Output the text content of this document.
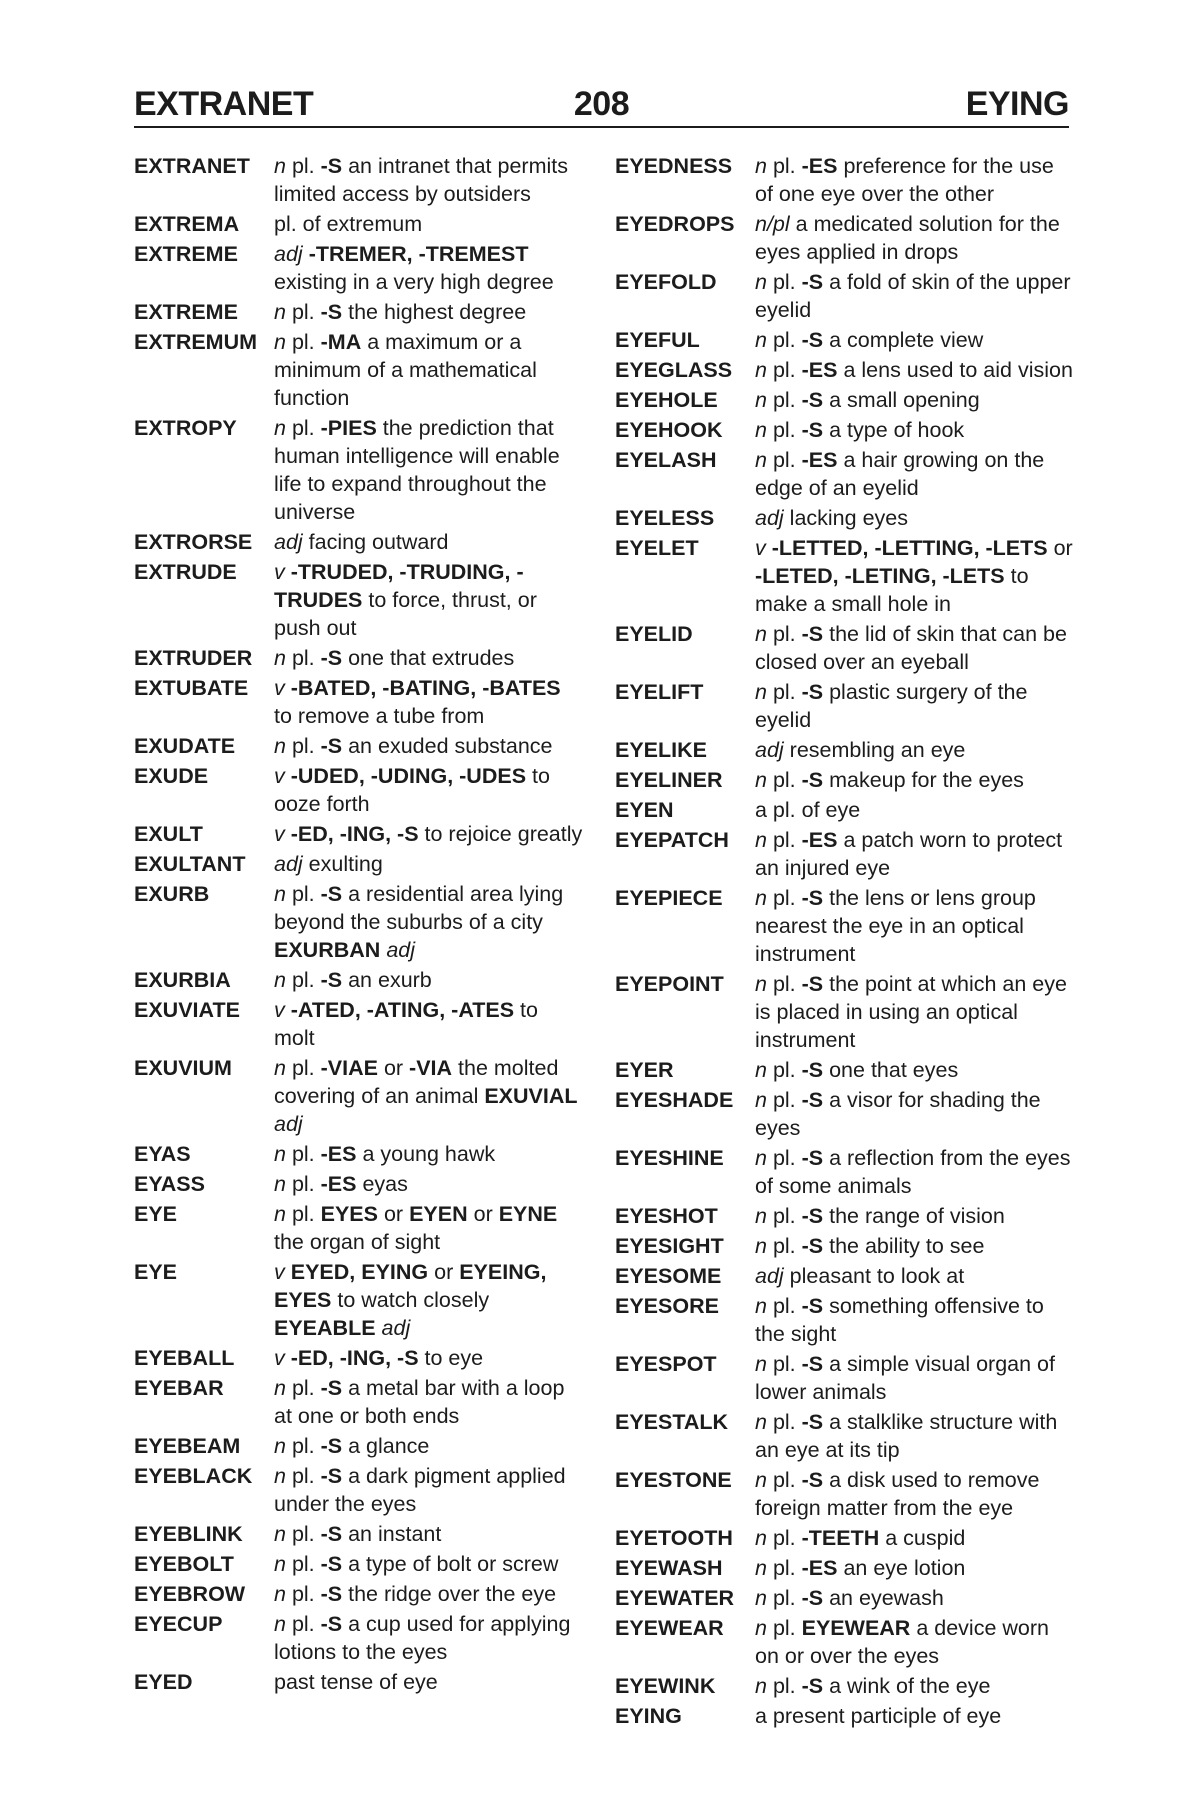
EXTRANET	208	EYING
EXTRANET n pl. -S an intranet that permits limited access by outsiders
EXTREMA pl. of extremum
EXTREME adj -TREMER, -TREMEST existing in a very high degree
EXTREME n pl. -S the highest degree
EXTREMUM n pl. -MA a maximum or a minimum of a mathematical function
EXTROPY n pl. -PIES the prediction that human intelligence will enable life to expand throughout the universe
EXTRORSE adj facing outward
EXTRUDE v -TRUDED, -TRUDING, -TRUDES to force, thrust, or push out
EXTRUDER n pl. -S one that extrudes
EXTUBATE v -BATED, -BATING, -BATES to remove a tube from
EXUDATE n pl. -S an exuded substance
EXUDE	v -UDED, -UDING, -UDES to ooze forth
EXULT	v -ED, -ING, -S to rejoice greatly
EXULTANT adj exulting
EXURB	n pl. -S a residential area lying beyond the suburbs of a city EXURBAN adj
EXURBIA n pl. -S an exurb
EXUVIATE v -ATED, -ATING, -ATES to molt
EXUVIUM n pl. -VIAE or -VIA the molted covering of an animal EXUVIAL adj
EYAS	n pl. -ES a young hawk
EYASS	n pl. -ES eyas
EYE	n pl. EYES or EYEN or EYNE the organ of sight
EYE	v EYED, EYING or EYEING, EYES to watch closely EYEABLE adj
EYEBALL v -ED, -ING, -S to eye
EYEBAR n pl. -S a metal bar with a loop at one or both ends
EYEBEAM n pl. -S a glance
EYEBLACK n pl. -S a dark pigment applied under the eyes
EYEBLINK n pl. -S an instant
EYEBOLT n pl. -S a type of bolt or screw
EYEBROW n pl. -S the ridge over the eye
EYECUP n pl. -S a cup used for applying lotions to the eyes
EYED	past tense of eye
EYEDNESS n pl. -ES preference for the use of one eye over the other
EYEDROPS n/pl a medicated solution for the eyes applied in drops
EYEFOLD n pl. -S a fold of skin of the upper eyelid
EYEFUL	n pl. -S a complete view
EYEGLASS n pl. -ES a lens used to aid vision
EYEHOLE n pl. -S a small opening
EYEHOOK n pl. -S a type of hook
EYELASH n pl. -ES a hair growing on the edge of an eyelid
EYELESS adj lacking eyes
EYELET	v -LETTED, -LETTING, -LETS or -LETED, -LETING, -LETS to make a small hole in
EYELID	n pl. -S the lid of skin that can be closed over an eyeball
EYELIFT n pl. -S plastic surgery of the eyelid
EYELIKE adj resembling an eye
EYELINER n pl. -S makeup for the eyes
EYEN	a pl. of eye
EYEPATCH n pl. -ES a patch worn to protect an injured eye
EYEPIECE n pl. -S the lens or lens group nearest the eye in an optical instrument
EYEPOINT n pl. -S the point at which an eye is placed in using an optical instrument
EYER	n pl. -S one that eyes
EYESHADE n pl. -S a visor for shading the eyes
EYESHINE n pl. -S a reflection from the eyes of some animals
EYESHOT n pl. -S the range of vision
EYESIGHT n pl. -S the ability to see
EYESOME adj pleasant to look at
EYESORE n pl. -S something offensive to the sight
EYESPOT n pl. -S a simple visual organ of lower animals
EYESTALK n pl. -S a stalklike structure with an eye at its tip
EYESTONE n pl. -S a disk used to remove foreign matter from the eye
EYETOOTH n pl. -TEETH a cuspid
EYEWASH n pl. -ES an eye lotion
EYEWATER n pl. -S an eyewash
EYEWEAR n pl. EYEWEAR a device worn on or over the eyes
EYEWINK n pl. -S a wink of the eye
EYING	a present participle of eye
